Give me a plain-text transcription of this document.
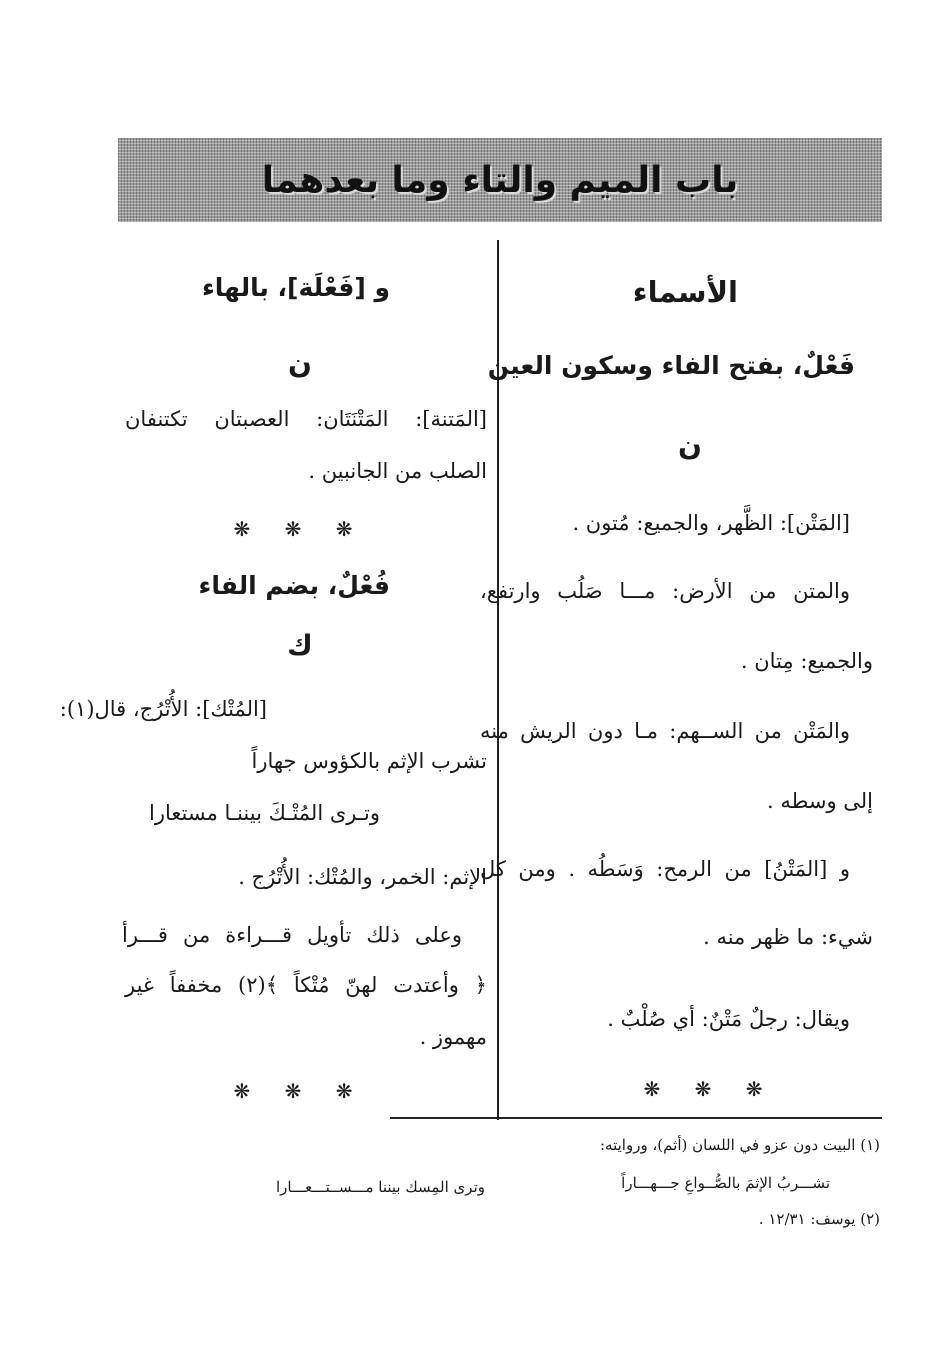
باب الميم والتاء وما بعدهما
الأسماء
فَعْلٌ، بفتح الفاء وسكون العين
ن
[المَتْن]: الظَّهر، والجميع: مُتون .
والمتن من الأرض: مـــا صَلُب وارتفع،
والجميع: مِتان .
والمَتْن من الســهم: مـا دون الريش منه
إلى وسطه .
و [المَتْنُ] من الرمح: وَسَطُه . ومن كل
شيء: ما ظهر منه .
ويقال: رجلٌ مَتْنٌ: أي صُلْبٌ .
❋ ❋ ❋
و [فَعْلَة]، بالهاء
ن
[المَتنة]: المَتْنَتَان: العصبتان تكتنفان
الصلب من الجانبين .
❋ ❋ ❋
فُعْلٌ، بضم الفاء
ك
[المُتْك]: الأُتْرُج، قال(١):
تشرب الإثم بالكؤوس جهاراً
وتـرى المُتْـكَ بيننـا مستعارا
الإثم: الخمر، والمُتْك: الأُتْرُج .
وعلى ذلك تأويل قـــراءة من قـــرأ
﴿ وأعتدت لهنّ مُتْكاً ﴾(٢) مخففاً غير
مهموز .
❋ ❋ ❋
(١) البيت دون عزو في اللسان (أثم)، وروايته:
تشـــربُ الإثمَ بالصُّــواعِ جـــهـــاراً
وترى المِسك بيننا مـــســتـــعـــارا
(٢) يوسف: ١٢/٣١ .
